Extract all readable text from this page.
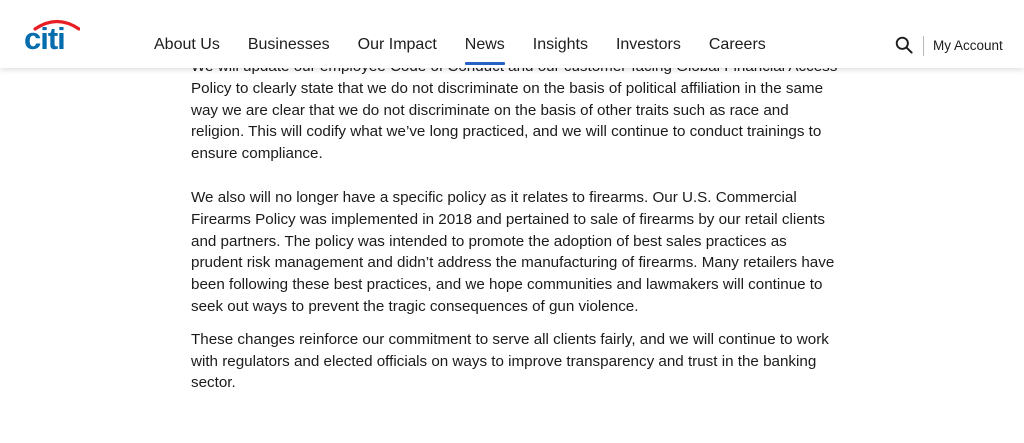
Policy to clearly state that we do not discriminate on the basis of political affiliation in the same way we are clear that we do not discriminate on the basis of other traits such as race and religion. This will codify what we’ve long practiced, and we will continue to conduct trainings to ensure compliance.

We also will no longer have a specific policy as it relates to firearms. Our U.S. Commercial Firearms Policy was implemented in 2018 and pertained to sale of firearms by our retail clients and partners. The policy was intended to promote the adoption of best sales practices as prudent risk management and didn’t address the manufacturing of firearms. Many retailers have been following these best practices, and we hope communities and lawmakers will continue to seek out ways to prevent the tragic consequences of gun violence.

These changes reinforce our commitment to serve all clients fairly, and we will continue to work with regulators and elected officials on ways to improve transparency and trust in the banking sector.

citi	About Us	Businesses	Our Impact	News	Insights	Investors	Careers	My Account
